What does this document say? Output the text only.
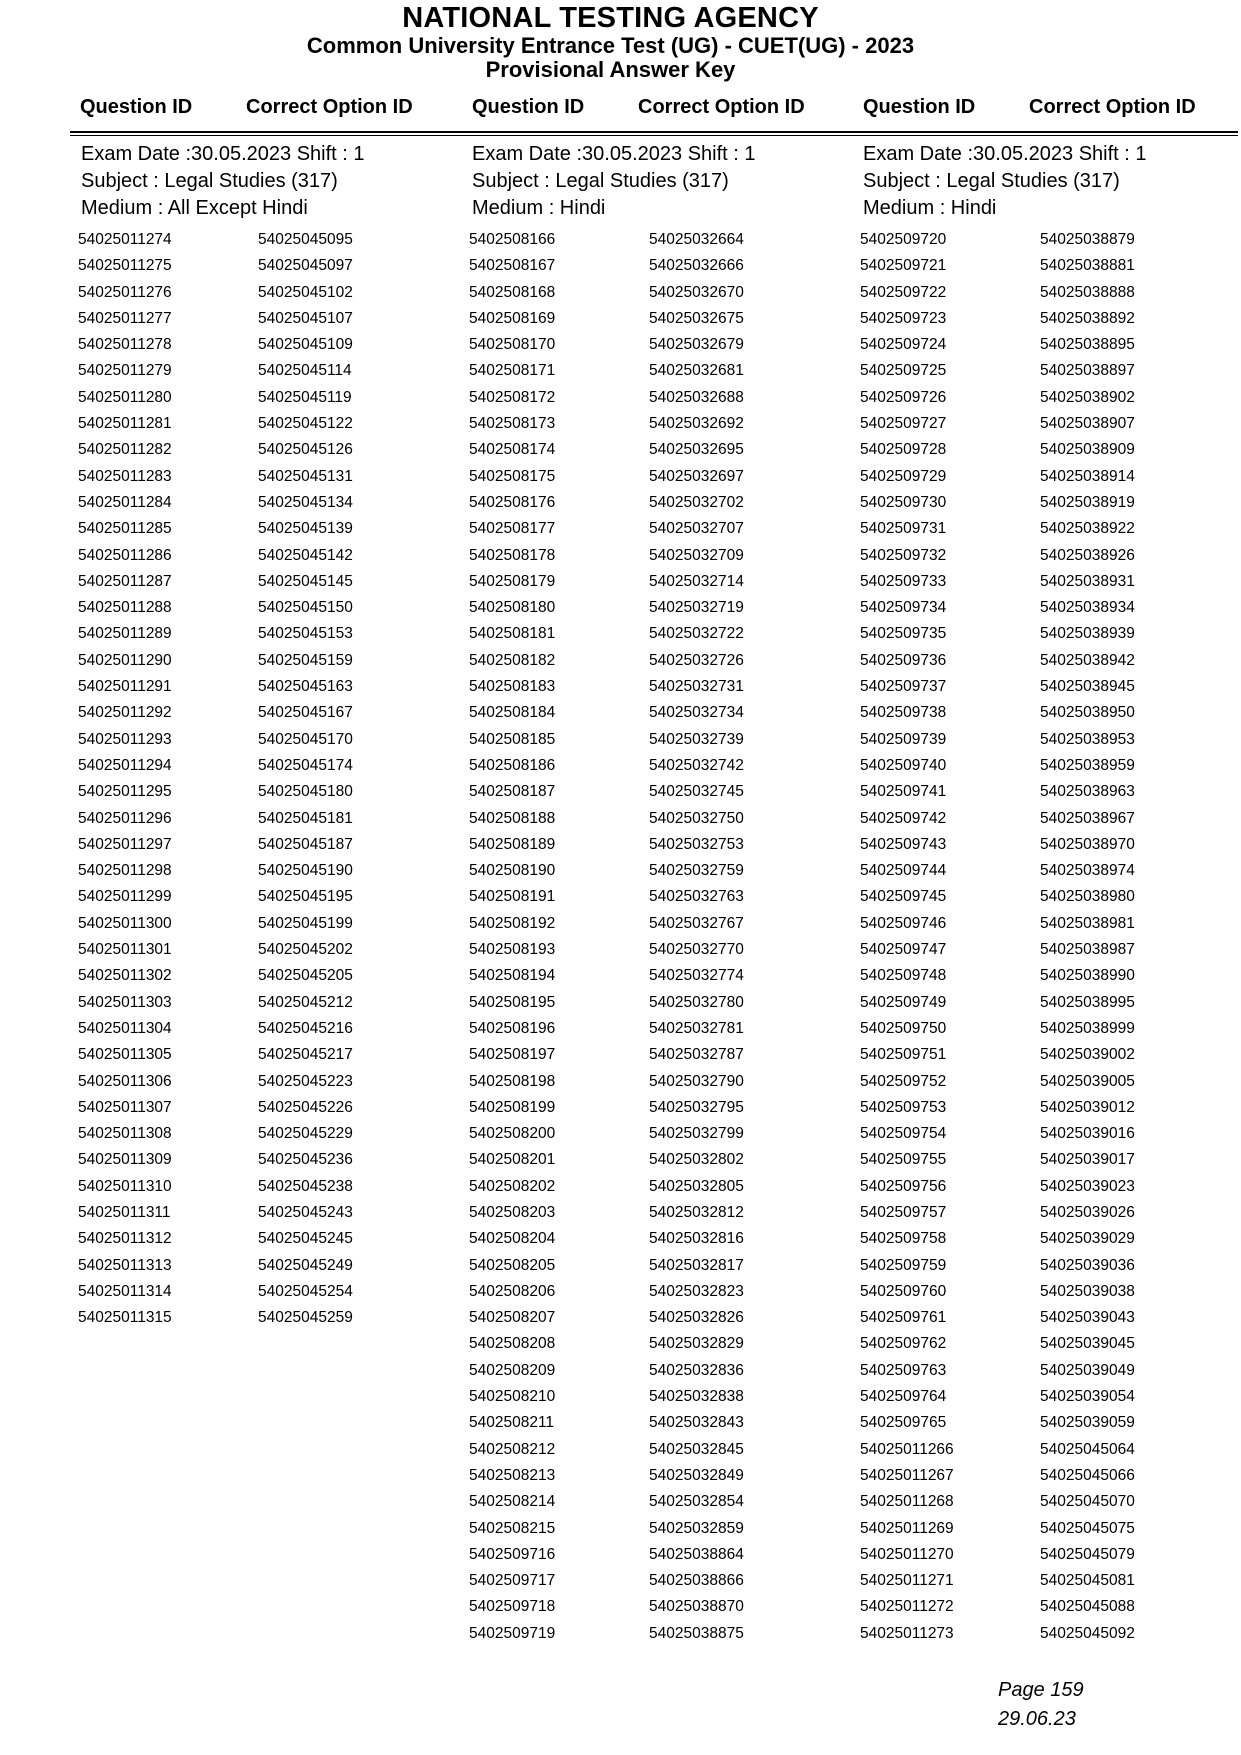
NATIONAL TESTING AGENCY
Common University Entrance Test (UG) - CUET(UG) - 2023
Provisional Answer Key
Question ID	Correct Option ID	Question ID	Correct Option ID	Question ID	Correct Option ID
Exam Date :30.05.2023 Shift : 1
Subject : Legal Studies (317)
Medium : All Except Hindi
54025011274	54025045095
54025011275	54025045097
54025011276	54025045102
54025011277	54025045107
54025011278	54025045109
54025011279	54025045114
54025011280	54025045119
54025011281	54025045122
54025011282	54025045126
54025011283	54025045131
54025011284	54025045134
54025011285	54025045139
54025011286	54025045142
54025011287	54025045145
54025011288	54025045150
54025011289	54025045153
54025011290	54025045159
54025011291	54025045163
54025011292	54025045167
54025011293	54025045170
54025011294	54025045174
54025011295	54025045180
54025011296	54025045181
54025011297	54025045187
54025011298	54025045190
54025011299	54025045195
54025011300	54025045199
54025011301	54025045202
54025011302	54025045205
54025011303	54025045212
54025011304	54025045216
54025011305	54025045217
54025011306	54025045223
54025011307	54025045226
54025011308	54025045229
54025011309	54025045236
54025011310	54025045238
54025011311	54025045243
54025011312	54025045245
54025011313	54025045249
54025011314	54025045254
54025011315	54025045259
Exam Date :30.05.2023 Shift : 1
Subject : Legal Studies (317)
Medium : Hindi
5402508166	54025032664
5402508167	54025032666
5402508168	54025032670
5402508169	54025032675
5402508170	54025032679
5402508171	54025032681
5402508172	54025032688
5402508173	54025032692
5402508174	54025032695
5402508175	54025032697
5402508176	54025032702
5402508177	54025032707
5402508178	54025032709
5402508179	54025032714
5402508180	54025032719
5402508181	54025032722
5402508182	54025032726
5402508183	54025032731
5402508184	54025032734
5402508185	54025032739
5402508186	54025032742
5402508187	54025032745
5402508188	54025032750
5402508189	54025032753
5402508190	54025032759
5402508191	54025032763
5402508192	54025032767
5402508193	54025032770
5402508194	54025032774
5402508195	54025032780
5402508196	54025032781
5402508197	54025032787
5402508198	54025032790
5402508199	54025032795
5402508200	54025032799
5402508201	54025032802
5402508202	54025032805
5402508203	54025032812
5402508204	54025032816
5402508205	54025032817
5402508206	54025032823
5402508207	54025032826
5402508208	54025032829
5402508209	54025032836
5402508210	54025032838
5402508211	54025032843
5402508212	54025032845
5402508213	54025032849
5402508214	54025032854
5402508215	54025032859
5402509716	54025038864
5402509717	54025038866
5402509718	54025038870
5402509719	54025038875
Exam Date :30.05.2023 Shift : 1
Subject : Legal Studies (317)
Medium : Hindi
5402509720	54025038879
5402509721	54025038881
5402509722	54025038888
5402509723	54025038892
5402509724	54025038895
5402509725	54025038897
5402509726	54025038902
5402509727	54025038907
5402509728	54025038909
5402509729	54025038914
5402509730	54025038919
5402509731	54025038922
5402509732	54025038926
5402509733	54025038931
5402509734	54025038934
5402509735	54025038939
5402509736	54025038942
5402509737	54025038945
5402509738	54025038950
5402509739	54025038953
5402509740	54025038959
5402509741	54025038963
5402509742	54025038967
5402509743	54025038970
5402509744	54025038974
5402509745	54025038980
5402509746	54025038981
5402509747	54025038987
5402509748	54025038990
5402509749	54025038995
5402509750	54025038999
5402509751	54025039002
5402509752	54025039005
5402509753	54025039012
5402509754	54025039016
5402509755	54025039017
5402509756	54025039023
5402509757	54025039026
5402509758	54025039029
5402509759	54025039036
5402509760	54025039038
5402509761	54025039043
5402509762	54025039045
5402509763	54025039049
5402509764	54025039054
5402509765	54025039059
54025011266	54025045064
54025011267	54025045066
54025011268	54025045070
54025011269	54025045075
54025011270	54025045079
54025011271	54025045081
54025011272	54025045088
54025011273	54025045092
Page 159
29.06.23
